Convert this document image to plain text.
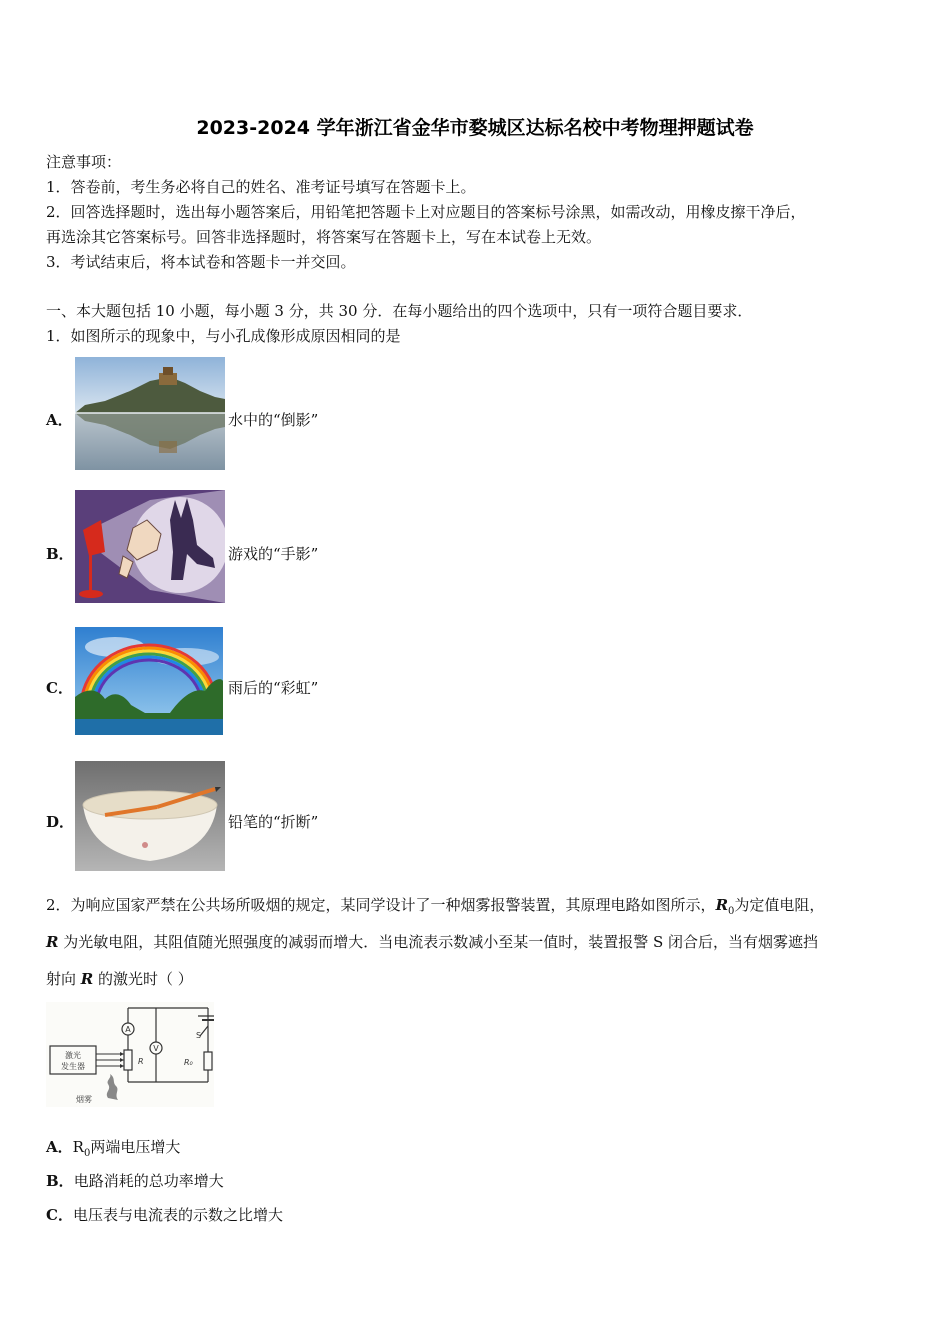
2023-2024 学年浙江省金华市婺城区达标名校中考物理押题试卷
注意事项：
1．答卷前，考生务必将自己的姓名、准考证号填写在答题卡上。
2．回答选择题时，选出每小题答案后，用铅笔把答题卡上对应题目的答案标号涂黑，如需改动，用橡皮擦干净后，
再选涂其它答案标号。回答非选择题时，将答案写在答题卡上，写在本试卷上无效。
3．考试结束后，将本试卷和答题卡一并交回。
一、本大题包括 10 小题，每小题 3 分，共 30 分．在每小题给出的四个选项中，只有一项符合题目要求．
1．如图所示的现象中，与小孔成像形成原因相同的是
A．	水中的“倒影”
B．	游戏的“手影”
C．	雨后的“彩虹”
D．	铅笔的“折断”
2．为响应国家严禁在公共场所吸烟的规定，某同学设计了一种烟雾报警装置，其原理电路如图所示，$R_0$为定值电阻，
R 为光敏电阻，其阻值随光照强度的减弱而增大．当电流表示数减小至某一值时，装置报警 S 闭合后，当有烟雾遮挡
射向 R 的激光时（ ）
A
R
V
S
R₀
激光
发生器
烟雾
A．$R_0$两端电压增大
B．电路消耗的总功率增大
C．电压表与电流表的示数之比增大
